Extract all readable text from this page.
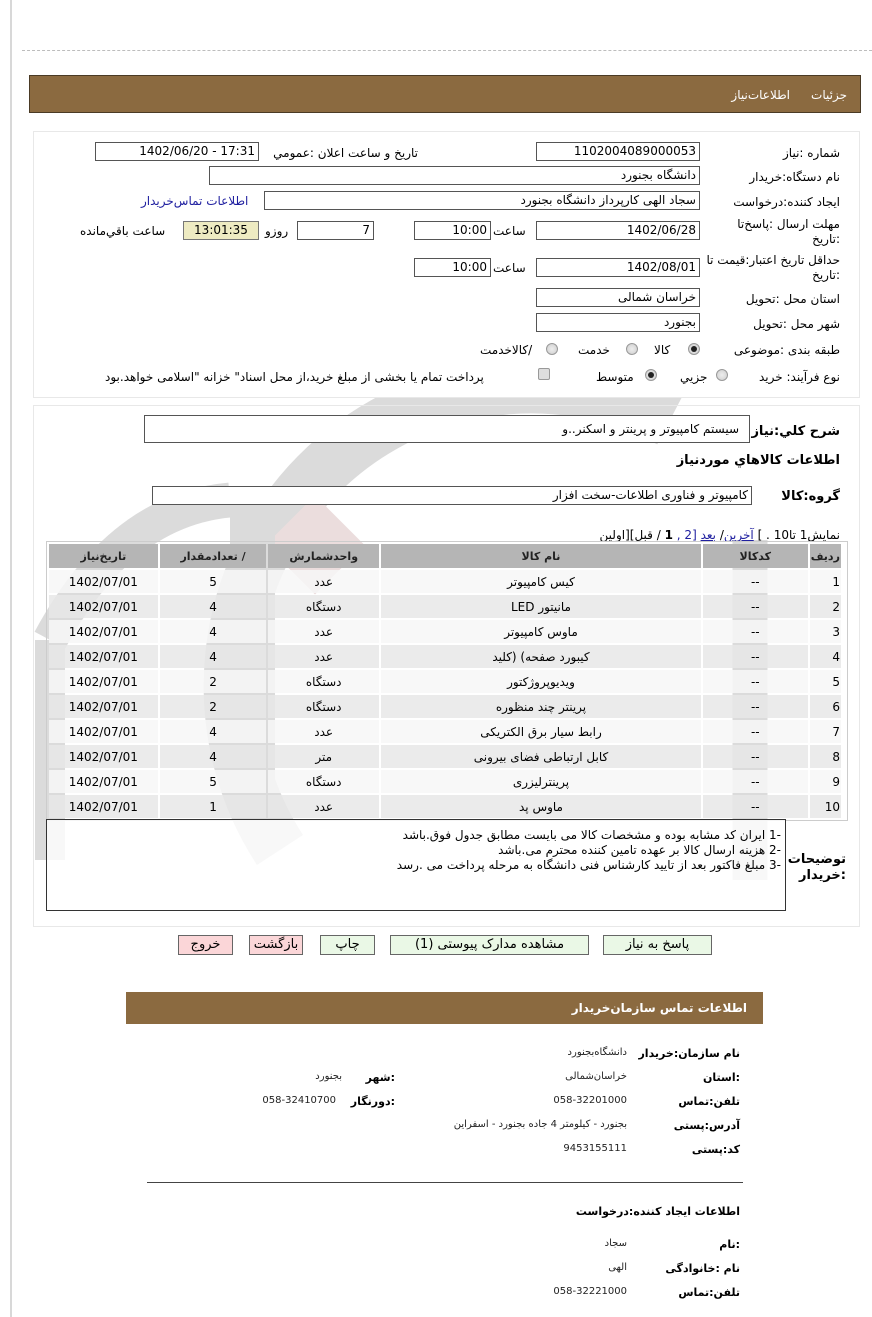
جزئیات
اطلاعات‌نیاز
شماره :نیاز
1102004089000053
تاریخ و ساعت اعلان :عمومي
1402/06/20 - 17:31
نام دستگاه:خریدار
دانشگاه بجنورد
ایجاد کننده:درخواست
سجاد الهی کارپرداز دانشگاه بجنورد
اطلاعات تماس‌خریدار
مهلت ارسال :پاسخ‌تا :تاریخ
1402/06/28
ساعت
10:00
7
روزو
13:01:35
ساعت باقي‌مانده
حداقل تاریخ اعتبار:قیمت تا :تاریخ
1402/08/01
ساعت
10:00
استان محل :تحویل
خراسان شمالی
شهر محل :تحویل
بجنورد
طبقه بندی :موضوعی
کالا
خدمت
/کالاخدمت
نوع فرآیند: خرید
جزيي
متوسط
پرداخت تمام یا بخشی از مبلغ خرید،از محل اسناد" خزانه "اسلامی خواهد.بود
شرح کلي:نیاز
سیستم کامپیوتر و پرینتر و اسکنر..و
اطلاعات کالاهاي موردنیاز
گروه:کالا
کامپیوتر و فناوری اطلاعات-سخت افزار
نمایش1 تا10 . ] آخرین/ بعد [2 , 1 / قبل][اولین
ردیف	کدکالا	نام کالا	واحدشمارش	/ تعدادمقدار	تاریخ‌نیاز
1	--	کیس کامپیوتر	عدد	5	1402/07/01
2	--	مانیتور LED	دستگاه	4	1402/07/01
3	--	ماوس کامپیوتر	عدد	4	1402/07/01
4	--	کیبورد صفحه) (کلید	عدد	4	1402/07/01
5	--	ویدیوپروژکتور	دستگاه	2	1402/07/01
6	--	پرینتر چند منظوره	دستگاه	2	1402/07/01
7	--	رابط سیار برق الکتریکی	عدد	4	1402/07/01
8	--	کابل ارتباطی فضای بیرونی	متر	4	1402/07/01
9	--	پرینترلیزری	دستگاه	5	1402/07/01
10	--	ماوس پد	عدد	1	1402/07/01
توضیحات :خریدار
-1 ایران کد مشابه بوده و مشخصات کالا می بایست مطابق جدول فوق.باشد
-2 هزینه ارسال کالا بر عهده تامین کننده محترم می.باشد
-3 مبلغ فاکتور بعد از تایید کارشناس فنی دانشگاه به مرحله پرداخت می .رسد
پاسخ به نیاز
مشاهده مدارک پیوستی (1)
چاپ
بازگشت
خروج
اطلاعات تماس سازمان‌خریدار
نام سازمان:خریدار
دانشگاه‌بجنورد
:استان
خراسان‌شمالی
:شهر
بجنورد
تلفن:تماس
058-32201000
:دورنگار
058-32410700
آدرس:پستی
بجنورد - کیلومتر 4 جاده بجنورد - اسفراین
کد:پستی
9453155111
اطلاعات ایجاد کننده:درخواست
:نام
سجاد
نام :خانوادگی
الهی
تلفن:تماس
058-32221000
